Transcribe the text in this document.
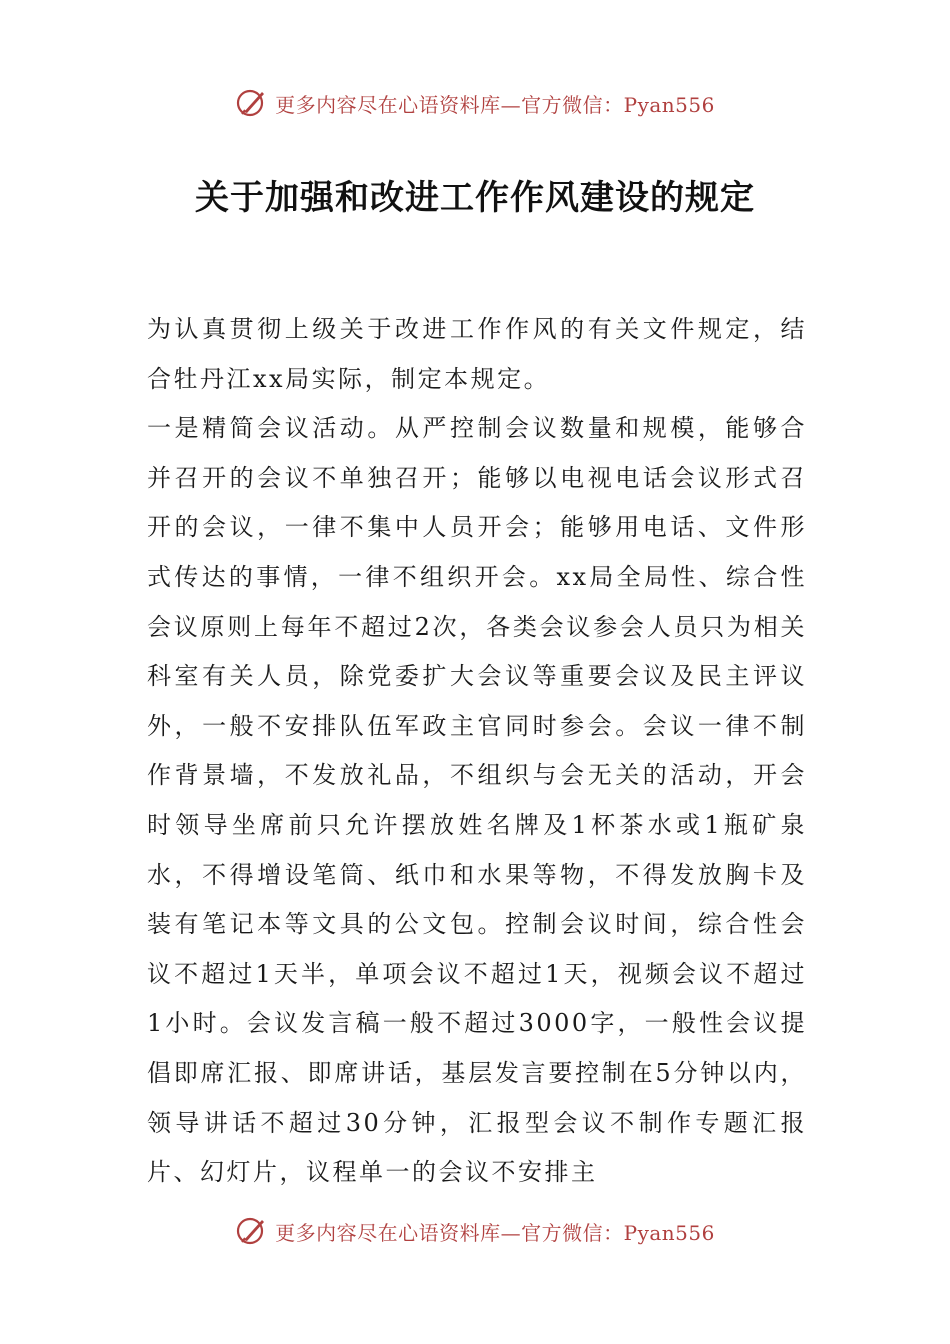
更多内容尽在心语资料库—官方微信：Pyan556
关于加强和改进工作作风建设的规定

为认真贯彻上级关于改进工作作风的有关文件规定，结合牡丹江xx局实际，制定本规定。

一是精简会议活动。从严控制会议数量和规模，能够合并召开的会议不单独召开；能够以电视电话会议形式召开的会议，一律不集中人员开会；能够用电话、文件形式传达的事情，一律不组织开会。xx局全局性、综合性会议原则上每年不超过2次，各类会议参会人员只为相关科室有关人员，除党委扩大会议等重要会议及民主评议外，一般不安排队伍军政主官同时参会。会议一律不制作背景墙，不发放礼品，不组织与会无关的活动，开会时领导坐席前只允许摆放姓名牌及1杯茶水或1瓶矿泉水，不得增设笔筒、纸巾和水果等物，不得发放胸卡及装有笔记本等文具的公文包。控制会议时间，综合性会议不超过1天半，单项会议不超过1天，视频会议不超过1小时。会议发言稿一般不超过3000字，一般性会议提倡即席汇报、即席讲话，基层发言要控制在5分钟以内，领导讲话不超过30分钟，汇报型会议不制作专题汇报片、幻灯片，议程单一的会议不安排主

更多内容尽在心语资料库—官方微信：Pyan556
